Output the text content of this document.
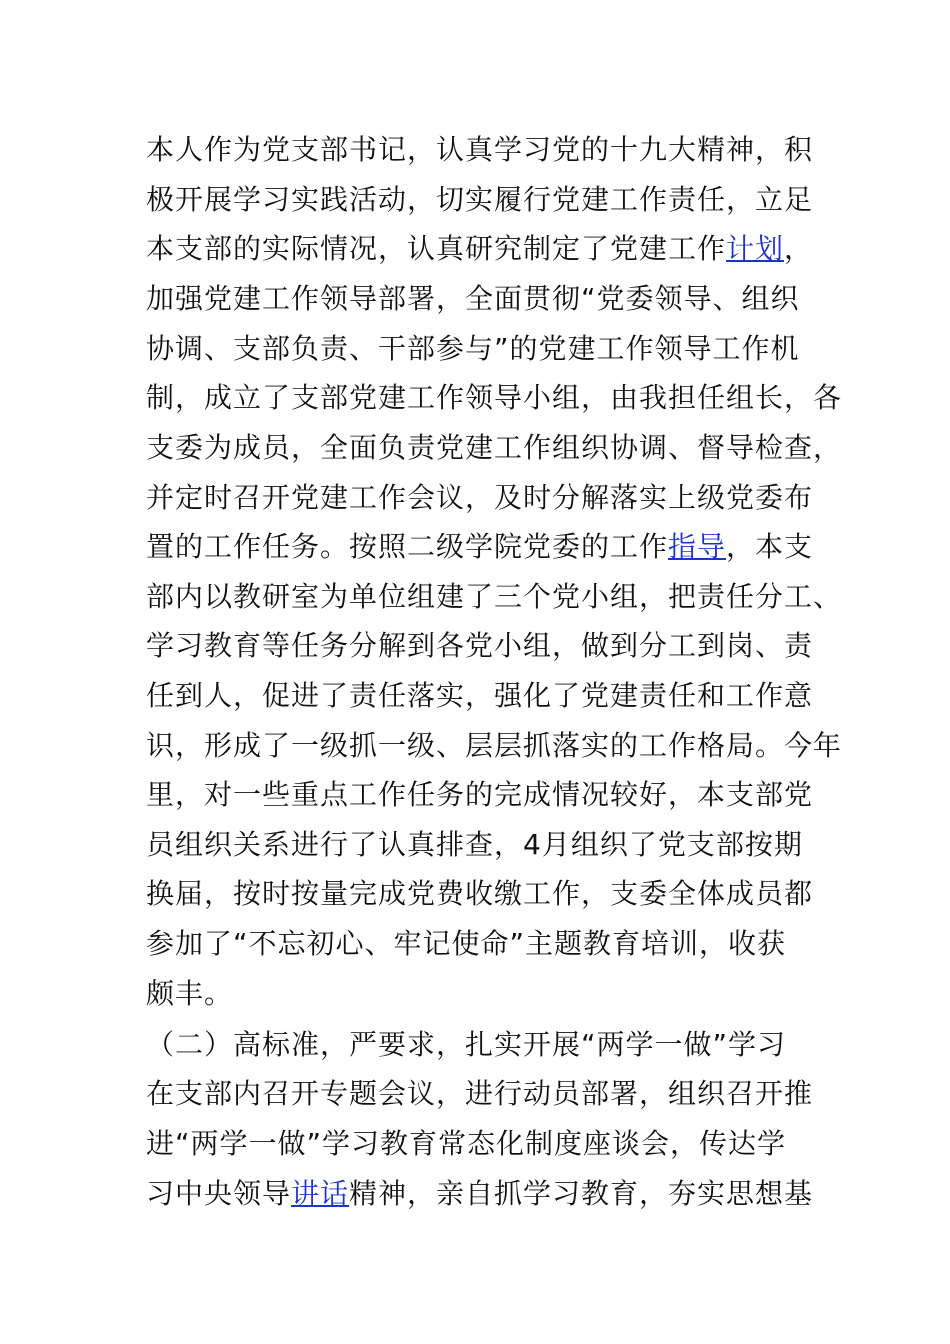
本人作为党支部书记，认真学习党的十九大精神，积
极开展学习实践活动，切实履行党建工作责任，立足
本支部的实际情况，认真研究制定了党建工作计划，
加强党建工作领导部署，全面贯彻“党委领导、组织
协调、支部负责、干部参与”的党建工作领导工作机
制，成立了支部党建工作领导小组，由我担任组长，各
支委为成员，全面负责党建工作组织协调、督导检查，
并定时召开党建工作会议，及时分解落实上级党委布
置的工作任务。按照二级学院党委的工作指导，本支
部内以教研室为单位组建了三个党小组，把责任分工、
学习教育等任务分解到各党小组，做到分工到岗、责
任到人，促进了责任落实，强化了党建责任和工作意
识，形成了一级抓一级、层层抓落实的工作格局。今年
里，对一些重点工作任务的完成情况较好，本支部党
员组织关系进行了认真排查，4月组织了党支部按期
换届，按时按量完成党费收缴工作，支委全体成员都
参加了“不忘初心、牢记使命”主题教育培训，收获
颇丰。
（二）高标准，严要求，扎实开展“两学一做”学习
在支部内召开专题会议，进行动员部署，组织召开推
进“两学一做”学习教育常态化制度座谈会，传达学
习中央领导讲话精神，亲自抓学习教育，夯实思想基
